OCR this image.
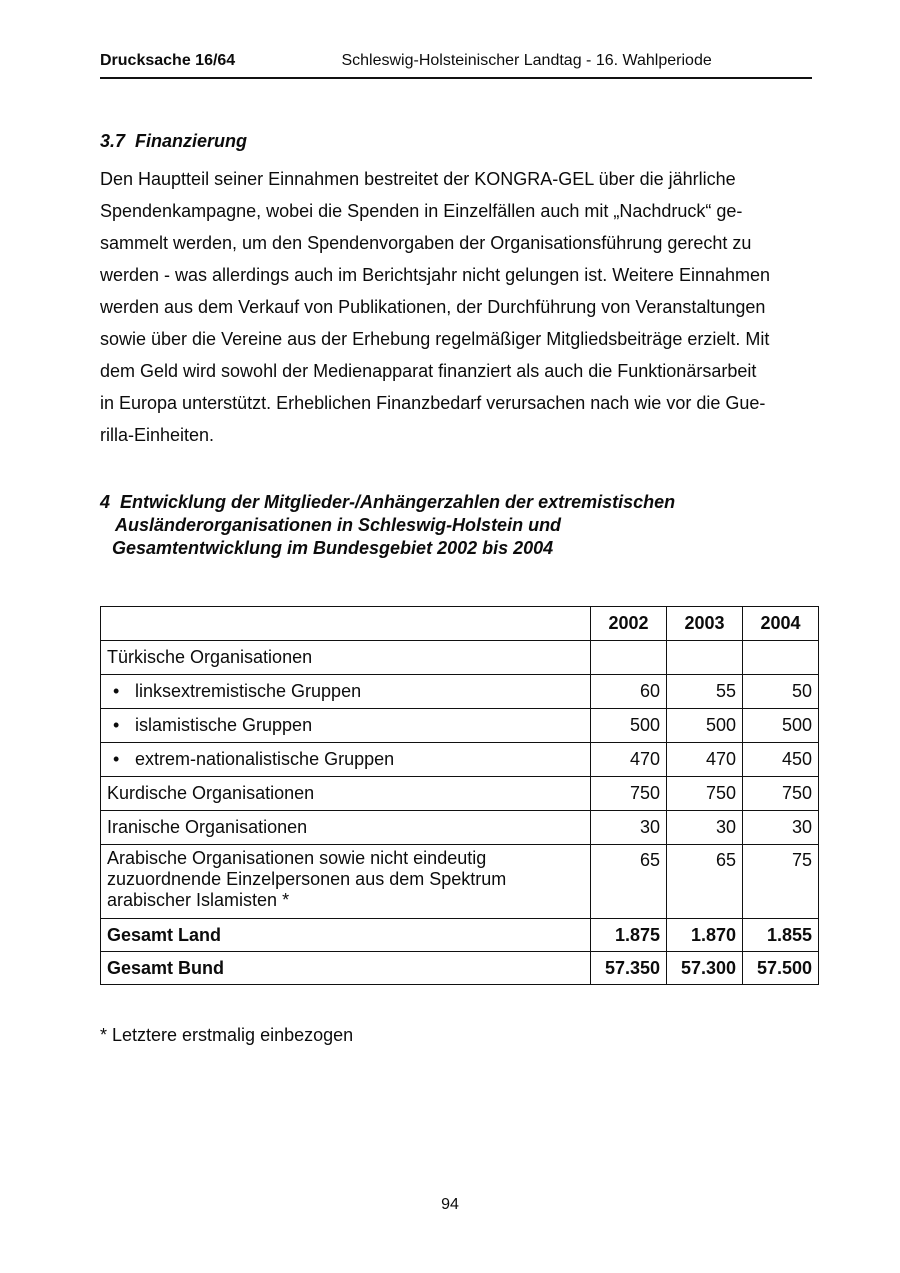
Drucksache 16/64	Schleswig-Holsteinischer Landtag - 16. Wahlperiode
3.7  Finanzierung
Den Hauptteil seiner Einnahmen bestreitet der KONGRA-GEL über die jährliche
Spendenkampagne, wobei die Spenden in Einzelfällen auch mit „Nachdruck“ ge-
sammelt werden, um den Spendenvorgaben der Organisationsführung gerecht zu
werden - was allerdings auch im Berichtsjahr nicht gelungen ist. Weitere Einnahmen
werden aus dem Verkauf von Publikationen, der Durchführung von Veranstaltungen
sowie über die Vereine aus der Erhebung regelmäßiger Mitgliedsbeiträge erzielt. Mit
dem Geld wird sowohl der Medienapparat finanziert als auch die Funktionärsarbeit
in Europa unterstützt. Erheblichen Finanzbedarf verursachen nach wie vor die Gue-
rilla-Einheiten.
4  Entwicklung der Mitglieder-/Anhängerzahlen der extremistischen
Ausländerorganisationen in Schleswig-Holstein und
Gesamtentwicklung im Bundesgebiet 2002 bis 2004
	2002	2003	2004
Türkische Organisationen			
• linksextremistische Gruppen	60	55	50
• islamistische Gruppen	500	500	500
• extrem-nationalistische Gruppen	470	470	450
Kurdische Organisationen	750	750	750
Iranische Organisationen	30	30	30

Arabische Organisationen sowie nicht eindeutig
zuzuordnende Einzelpersonen aus dem Spektrum
arabischer Islamisten *	65	65	75
Gesamt Land	1.875	1.870	1.855
Gesamt Bund	57.350	57.300	57.500
* Letztere erstmalig einbezogen
94
